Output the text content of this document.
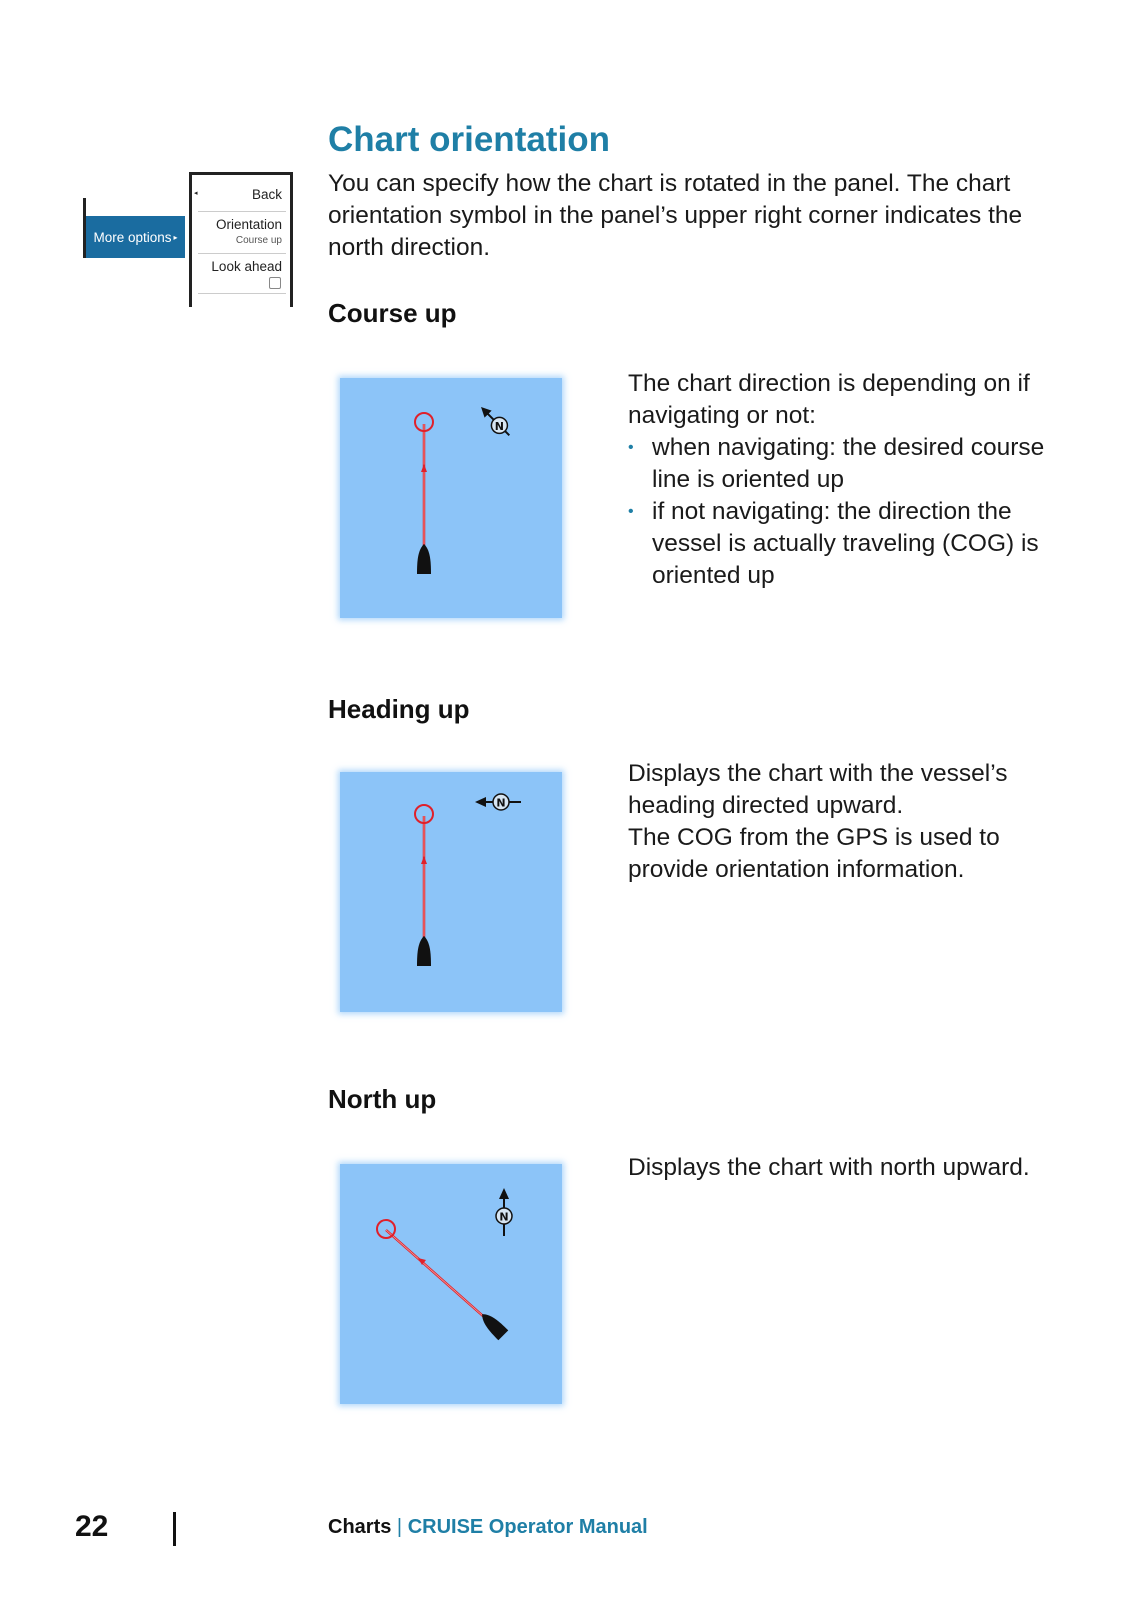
Chart orientation
You can specify how the chart is rotated in the panel. The chart orientation symbol in the panel’s upper right corner indicates the north direction.
More options ▸
◂	Back
Orientation
Course up
Look ahead
Course up
N
The chart direction is depending on if navigating or not:
• when navigating: the desired course line is oriented up
• if not navigating: the direction the vessel is actually traveling (COG) is oriented up
Heading up
N
Displays the chart with the vessel’s heading directed upward.
The COG from the GPS is used to provide orientation information.
North up
N
Displays the chart with north upward.
22	Charts | CRUISE Operator Manual
